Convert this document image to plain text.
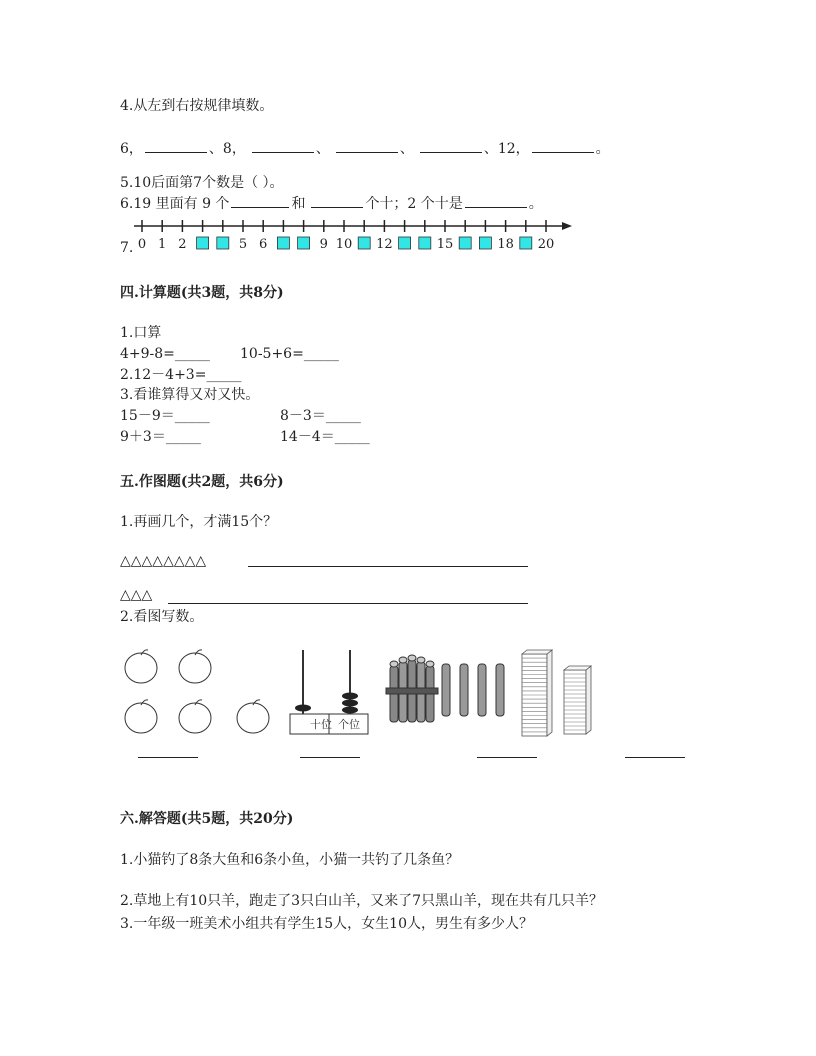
4.从左到右按规律填数。
6，	、8，	、	、	、12，	。
5.10后面第7个数是（ ）。
6.19 里面有 9 个	和	个十；2 个十是	。
7. 0 1 2	5 6	9 10 12	15	18 20
四.计算题(共3题，共8分)
1.口算
4+9-8=_____ 10-5+6=_____
2.12－4+3=_____
3.看谁算得又对又快。
15－9＝_____	8－3＝_____
9＋3＝_____	14－4＝_____
五.作图题(共2题，共6分)
1.再画几个，才满15个？
△△△△△△△△
△△△
2.看图写数。
十位 个位
六.解答题(共5题，共20分)
1.小猫钓了8条大鱼和6条小鱼，小猫一共钓了几条鱼？
2.草地上有10只羊，跑走了3只白山羊，又来了7只黑山羊，现在共有几只羊？
3.一年级一班美术小组共有学生15人，女生10人，男生有多少人？
